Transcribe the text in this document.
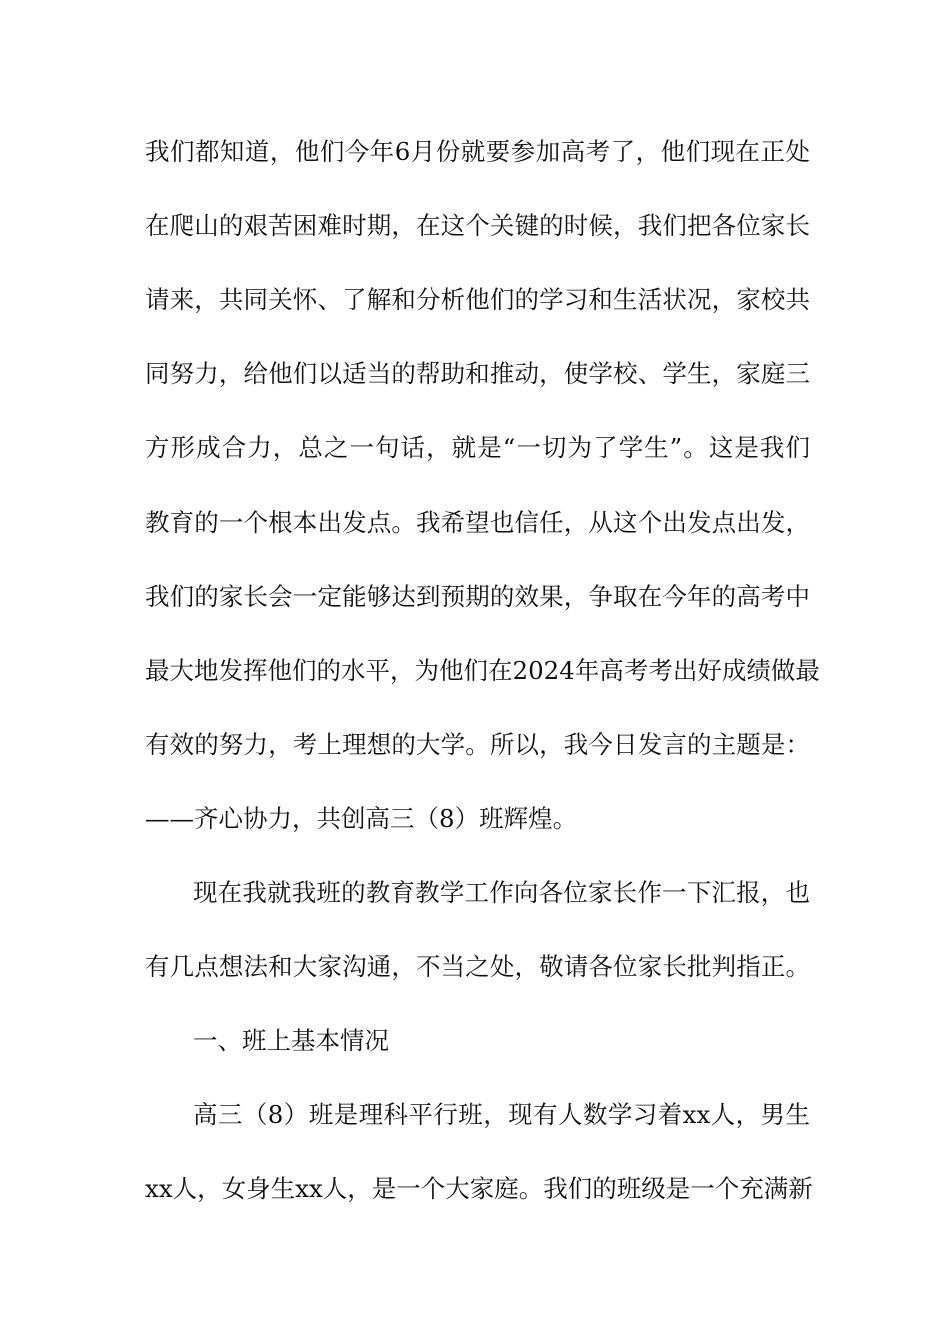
我们都知道，他们今年6月份就要参加高考了，他们现在正处
在爬山的艰苦困难时期，在这个关键的时候，我们把各位家长
请来，共同关怀、了解和分析他们的学习和生活状况，家校共
同努力，给他们以适当的帮助和推动，使学校、学生，家庭三
方形成合力，总之一句话，就是“一切为了学生”。这是我们
教育的一个根本出发点。我希望也信任，从这个出发点出发，
我们的家长会一定能够达到预期的效果，争取在今年的高考中
最大地发挥他们的水平，为他们在2024年高考考出好成绩做最
有效的努力，考上理想的大学。所以，我今日发言的主题是：
——齐心协力，共创高三（8）班辉煌。
现在我就我班的教育教学工作向各位家长作一下汇报，也
有几点想法和大家沟通，不当之处，敬请各位家长批判指正。
一、班上基本情况
高三（8）班是理科平行班，现有人数学习着xx人，男生
xx人，女身生xx人，是一个大家庭。我们的班级是一个充满新
